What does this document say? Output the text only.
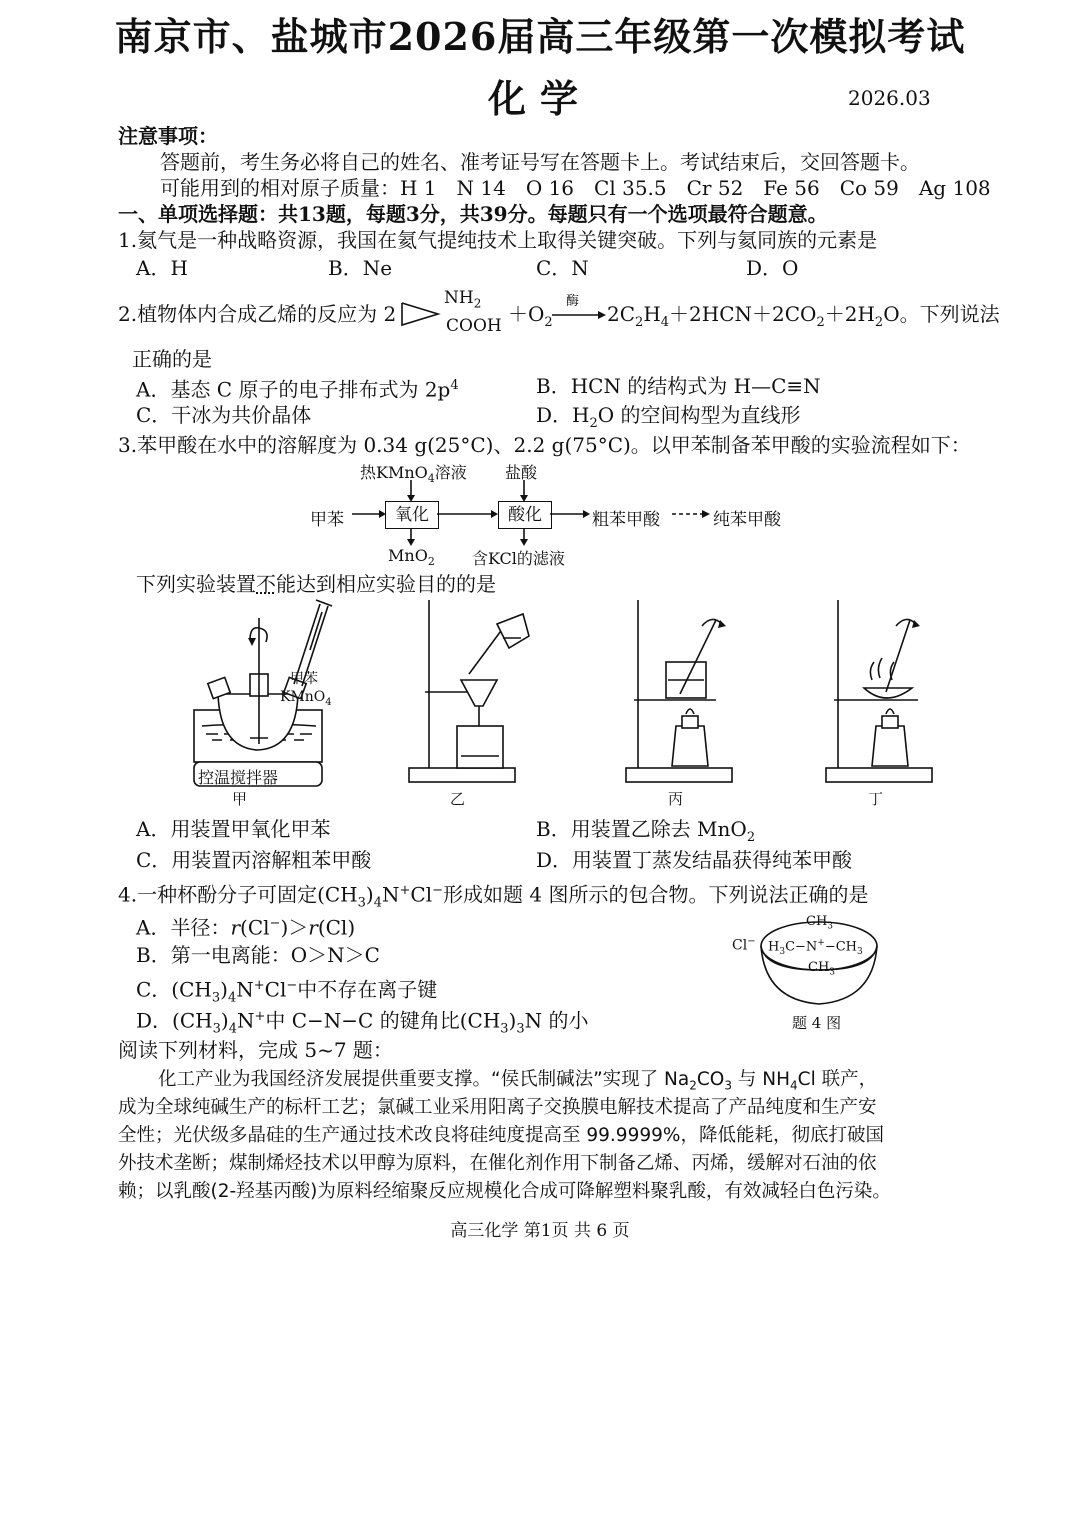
南京市、盐城市2026届高三年级第一次模拟考试
化学	2026.03
注意事项：
答题前，考生务必将自己的姓名、准考证号写在答题卡上。考试结束后，交回答题卡。
可能用到的相对原子质量：H 1　N 14　O 16　Cl 35.5　Cr 52　Fe 56　Co 59　Ag 108
一、单项选择题：共13题，每题3分，共39分。每题只有一个选项最符合题意。
1.氦气是一种战略资源，我国在氦气提纯技术上取得关键突破。下列与氦同族的元素是
A．H	B．Ne	C．N	D．O
2.植物体内合成乙烯的反应为 2
$NH_2$
COOH $+O_2$
酶
$2C_2H_4+2HCN+2CO_2+2H_2O$。下列说法
正确的是
A．基态 C 原子的电子排布式为 $2p^4$	B．HCN 的结构式为 H—C≡N
C．干冰为共价晶体	D．$H_2O$ 的空间构型为直线形
3.苯甲酸在水中的溶解度为 0.34 g(25°C)、2.2 g(75°C)。以甲苯制备苯甲酸的实验流程如下：
热KMnO$_4$溶液 盐酸
甲苯	氧化	酸化	粗苯甲酸	纯苯甲酸
MnO$_2$ 含KCl的滤液
下列实验装置不能达到相应实验目的的是
甲苯
KMnO$_4$
控温搅拌器
甲	乙	丙	丁
A．用装置甲氧化甲苯	B．用装置乙除去 MnO$_2$
C．用装置丙溶解粗苯甲酸	D．用装置丁蒸发结晶获得纯苯甲酸
4.一种杯酚分子可固定$(CH_3)_4N^+Cl^-$形成如题 4 图所示的包合物。下列说法正确的是
A．半径：r(Cl−)＞r(Cl)
B．第一电离能：O＞N＞C
C．$(CH_3)_4N^+Cl^-$中不存在离子键
D．$(CH_3)_4N^+$中 C−N−C 的键角比$(CH_3)_3N$ 的小
Cl−
$CH_3$
$H_3C-N^+-CH_3$
$CH_3$
题 4 图
阅读下列材料，完成 5~7 题：
化工产业为我国经济发展提供重要支撑。“侯氏制碱法”实现了 $Na_2CO_3$ 与 $NH_4Cl$ 联产，
成为全球纯碱生产的标杆工艺；氯碱工业采用阳离子交换膜电解技术提高了产品纯度和生产安
全性；光伏级多晶硅的生产通过技术改良将硅纯度提高至 99.9999%，降低能耗，彻底打破国
外技术垄断；煤制烯烃技术以甲醇为原料，在催化剂作用下制备乙烯、丙烯，缓解对石油的依
赖；以乳酸(2-羟基丙酸)为原料经缩聚反应规模化合成可降解塑料聚乳酸，有效减轻白色污染。
高三化学 第1页 共 6 页
